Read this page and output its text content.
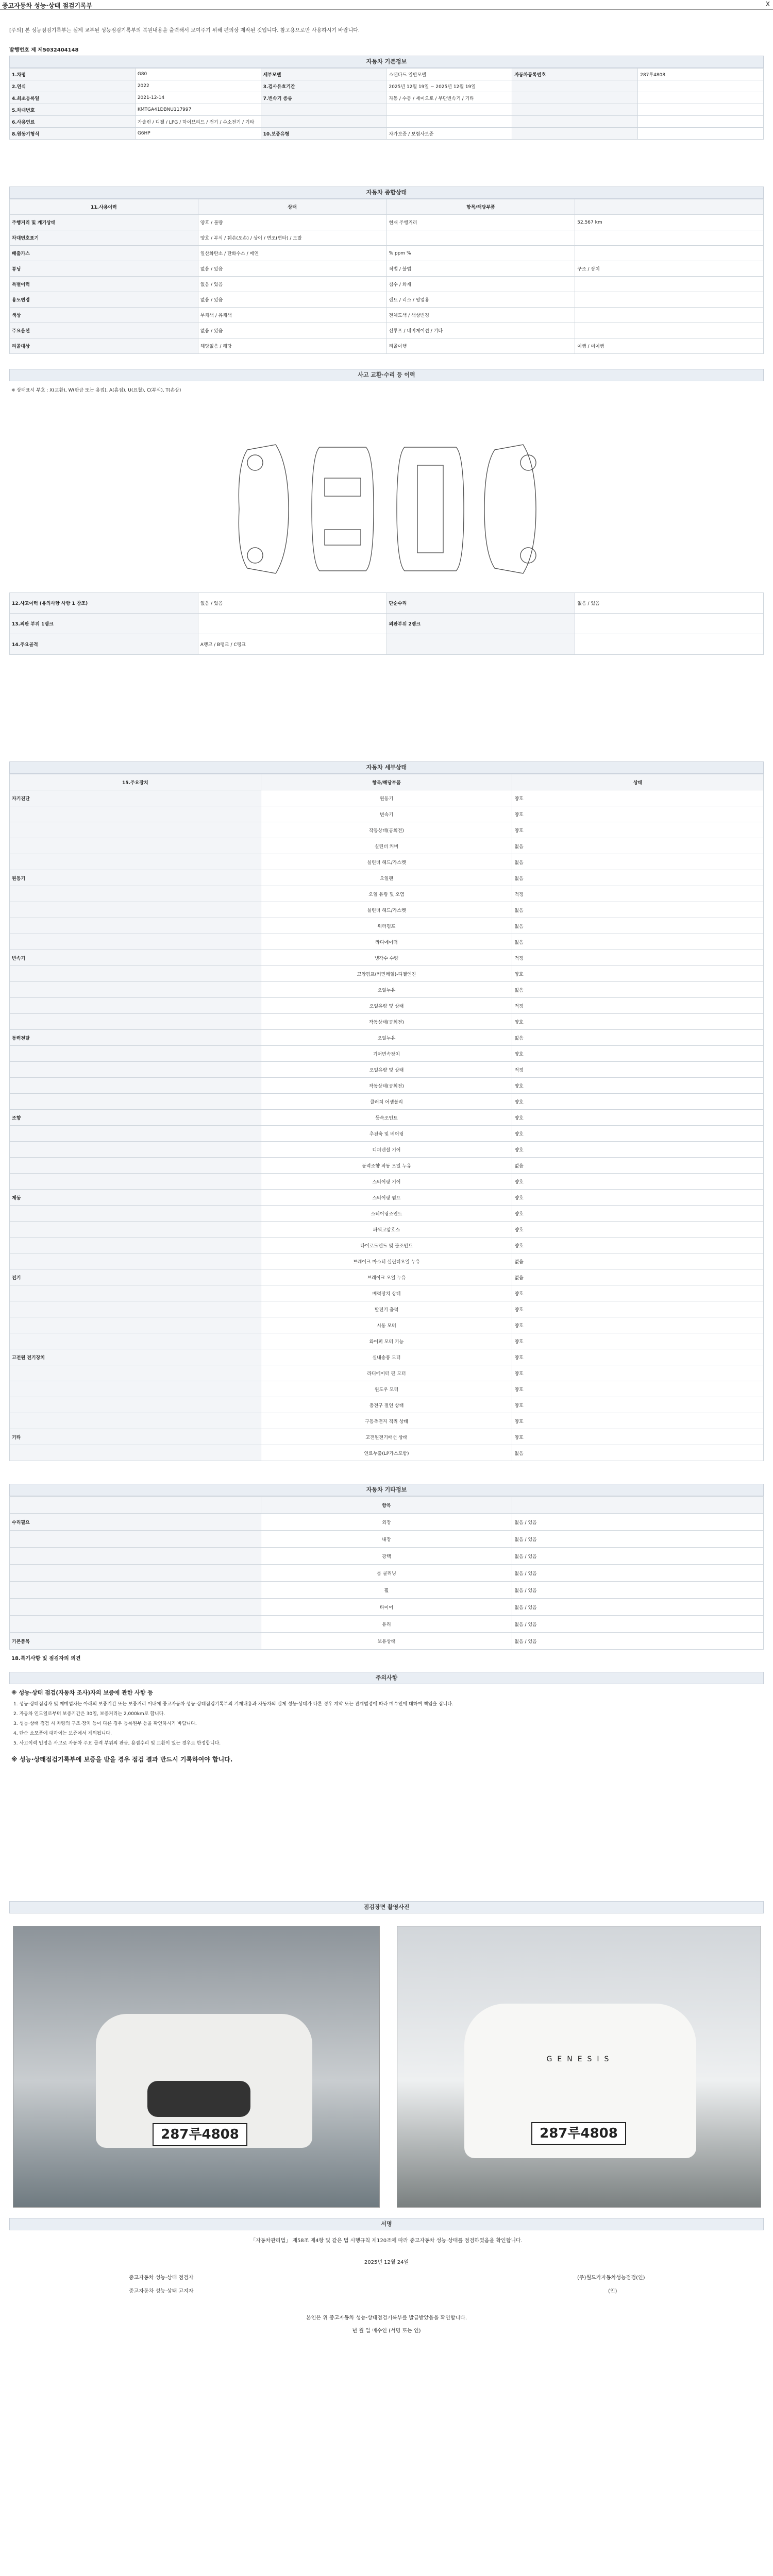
중고자동차 성능·상태 점검기록부	X
[주의] 본 성능점검기록부는 실제 교부된 성능점검기록부의 복원내용을 출력해서 보여주기 위해 편의상 제작된 것입니다. 참고용으로만 사용하시기 바랍니다.
발행번호 제 제5032404148
자동차 기본정보
1.차명	G80	세부모델	스탠다드 일반모델	자동차등록번호	287루4808
2.연식	2022	3.검사유효기간	2025년 12월 19일 ~ 2025년 12월 19일		
4.최초등록일	2021-12-14	7.변속기 종류	자동 / 수동 / 세미오토 / 무단변속기 / 기타		
5.차대번호	KMTGA41DBNU117997				
6.사용연료	가솔린 / 디젤 / LPG / 하이브리드 / 전기 / 수소전기 / 기타				
8.원동기형식	G6HP	10.보증유형	자가보증 / 보험사보증		
자동차 종합상태
11.사용이력	상태	항목/해당부품	
주행거리 및 계기상태	양호 / 불량	현재 주행거리	52,567 km
차대번호표기	양호 / 부식 / 훼손(오손) / 상이 / 변조(변타) / 도말		
배출가스	일산화탄소 / 탄화수소 / 매연	% ppm %	
튜닝	없음 / 있음	적법 / 불법	구조 / 장치
특별이력	없음 / 있음	침수 / 화재	
용도변경	없음 / 있음	렌트 / 리스 / 영업용	
색상	무채색 / 유채색	전체도색 / 색상변경	
주요옵션	없음 / 있음	선루프 / 네비게이션 / 기타	
리콜대상	해당없음 / 해당	리콜이행	이행 / 미이행
사고 교환·수리 등 이력
※ 상태표시 부호 : X(교환), W(판금 또는 용접), A(흠집), U(요철), C(부식), T(손상)
12.사고이력 (유의사항 사항 1 참조)	없음 / 있음	단순수리	없음 / 있음
13.외판 부위 1랭크		외판부위 2랭크	
14.주요골격	A랭크 / B랭크 / C랭크		
자동차 세부상태
15.주요장치	항목/해당부품	상태
자기진단	원동기	양호
	변속기	양호
	작동상태(공회전)	양호
	실린더 커버	없음
	실린더 헤드/가스켓	없음
원동기	오일팬	없음
	오일 유량 및 오염	적정
	실린더 헤드/가스켓	없음
	워터펌프	없음
	라디에이터	없음
변속기	냉각수 수량	적정
	고압펌프(커먼레일)-디젤엔진	양호
	오일누유	없음
	오일유량 및 상태	적정
	작동상태(공회전)	양호
동력전달	오일누유	없음
	기어변속장치	양호
	오일유량 및 상태	적정
	작동상태(공회전)	양호
	클러치 어셈블리	양호
조향	등속조인트	양호
	추진축 및 베어링	양호
	디퍼렌셜 기어	양호
	동력조향 작동 오일 누유	없음
	스티어링 기어	양호
제동	스티어링 펌프	양호
	스티어링조인트	양호
	파워고압호스	양호
	타이로드엔드 및 볼조인트	양호
	브레이크 마스터 실린더오일 누유	없음
전기	브레이크 오일 누유	없음
	배력장치 상태	양호
	발전기 출력	양호
	시동 모터	양호
	와이퍼 모터 기능	양호
고전원 전기장치	실내송풍 모터	양호
	라디에이터 팬 모터	양호
	윈도우 모터	양호
	충전구 절연 상태	양호
	구동축전지 격리 상태	양호
기타	고전원전기배선 상태	양호
	연료누출(LP가스포함)	없음
자동차 기타정보
	항목	
수리필요	외장	없음 / 있음
	내장	없음 / 있음
	광택	없음 / 있음
	룸 클리닝	없음 / 있음
	휠	없음 / 있음
	타이어	없음 / 있음
	유리	없음 / 있음
기본품목	보유상태	없음 / 있음
18.특기사항 및 점검자의 의견
주의사항
※ 성능·상태 점검(자동차 조사)자의 보증에 관한 사항 등
1. 성능·상태점검자 및 매매업자는 아래의 보증기간 또는 보증거리 이내에 중고자동차 성능·상태점검기록부의 기재내용과 자동차의 실제 성능·상태가 다른 경우 계약 또는 관계법령에 따라 매수인에 대하여 책임을 집니다.
2. 자동차 인도일로부터 보증기간은 30일, 보증거리는 2,000km로 합니다.
3. 성능·상태 점검 시 차량의 구조·장치 등이 다른 경우 등록원부 등을 확인하시기 바랍니다.
4. 단순 소모품에 대하여는 보증에서 제외됩니다.
5. 사고이력 인정은 사고로 자동차 주요 골격 부위의 판금, 용접수리 및 교환이 있는 경우로 한정합니다.
※ 성능·상태점검기록부에 보증을 받을 경우 점검 결과 반드시 기록하여야 합니다.
점검장면 촬영사진
287루4808
GENESIS
287루4808
서명
「자동차관리법」 제58조 제4항 및 같은 법 시행규칙 제120조에 따라 중고자동차 성능·상태를 점검하였음을 확인합니다.
2025년 12월 24일
중고자동차 성능·상태 점검자
중고자동차 성능·상태 고지자
(주)월드카자동차성능점검(인)
(인)
본인은 위 중고자동차 성능·상태점검기록부를 발급받았음을 확인합니다.
년 월 일 매수인 (서명 또는 인)
